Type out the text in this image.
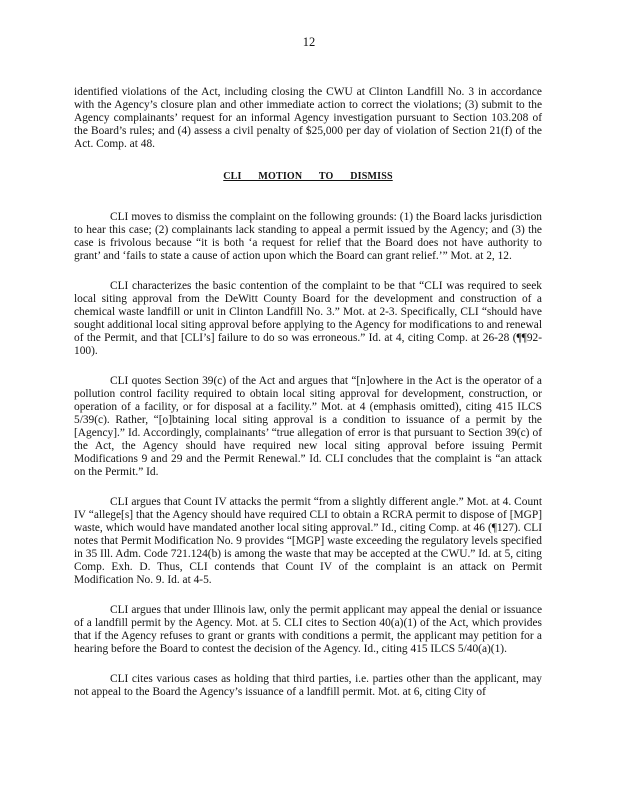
12

identified violations of the Act, including closing the CWU at Clinton Landfill No. 3 in accordance with the Agency’s closure plan and other immediate action to correct the violations; (3) submit to the Agency complainants’ request for an informal Agency investigation pursuant to Section 103.208 of the Board’s rules; and (4) assess a civil penalty of $25,000 per day of violation of Section 21(f) of the Act. Comp. at 48.

CLI MOTION TO DISMISS

CLI moves to dismiss the complaint on the following grounds: (1) the Board lacks jurisdiction to hear this case; (2) complainants lack standing to appeal a permit issued by the Agency; and (3) the case is frivolous because “it is both ‘a request for relief that the Board does not have authority to grant’ and ‘fails to state a cause of action upon which the Board can grant relief.’” Mot. at 2, 12.

CLI characterizes the basic contention of the complaint to be that “CLI was required to seek local siting approval from the DeWitt County Board for the development and construction of a chemical waste landfill or unit in Clinton Landfill No. 3.” Mot. at 2-3. Specifically, CLI “should have sought additional local siting approval before applying to the Agency for modifications to and renewal of the Permit, and that [CLI’s] failure to do so was erroneous.” Id. at 4, citing Comp. at 26-28 (¶¶92-100).

CLI quotes Section 39(c) of the Act and argues that “[n]owhere in the Act is the operator of a pollution control facility required to obtain local siting approval for development, construction, or operation of a facility, or for disposal at a facility.” Mot. at 4 (emphasis omitted), citing 415 ILCS 5/39(c). Rather, “[o]btaining local siting approval is a condition to issuance of a permit by the [Agency].” Id. Accordingly, complainants’ “true allegation of error is that pursuant to Section 39(c) of the Act, the Agency should have required new local siting approval before issuing Permit Modifications 9 and 29 and the Permit Renewal.” Id. CLI concludes that the complaint is “an attack on the Permit.” Id.

CLI argues that Count IV attacks the permit “from a slightly different angle.” Mot. at 4. Count IV “allege[s] that the Agency should have required CLI to obtain a RCRA permit to dispose of [MGP] waste, which would have mandated another local siting approval.” Id., citing Comp. at 46 (¶127). CLI notes that Permit Modification No. 9 provides “[MGP] waste exceeding the regulatory levels specified in 35 Ill. Adm. Code 721.124(b) is among the waste that may be accepted at the CWU.” Id. at 5, citing Comp. Exh. D. Thus, CLI contends that Count IV of the complaint is an attack on Permit Modification No. 9. Id. at 4-5.

CLI argues that under Illinois law, only the permit applicant may appeal the denial or issuance of a landfill permit by the Agency. Mot. at 5. CLI cites to Section 40(a)(1) of the Act, which provides that if the Agency refuses to grant or grants with conditions a permit, the applicant may petition for a hearing before the Board to contest the decision of the Agency. Id., citing 415 ILCS 5/40(a)(1).

CLI cites various cases as holding that third parties, i.e. parties other than the applicant, may not appeal to the Board the Agency’s issuance of a landfill permit. Mot. at 6, citing City of
